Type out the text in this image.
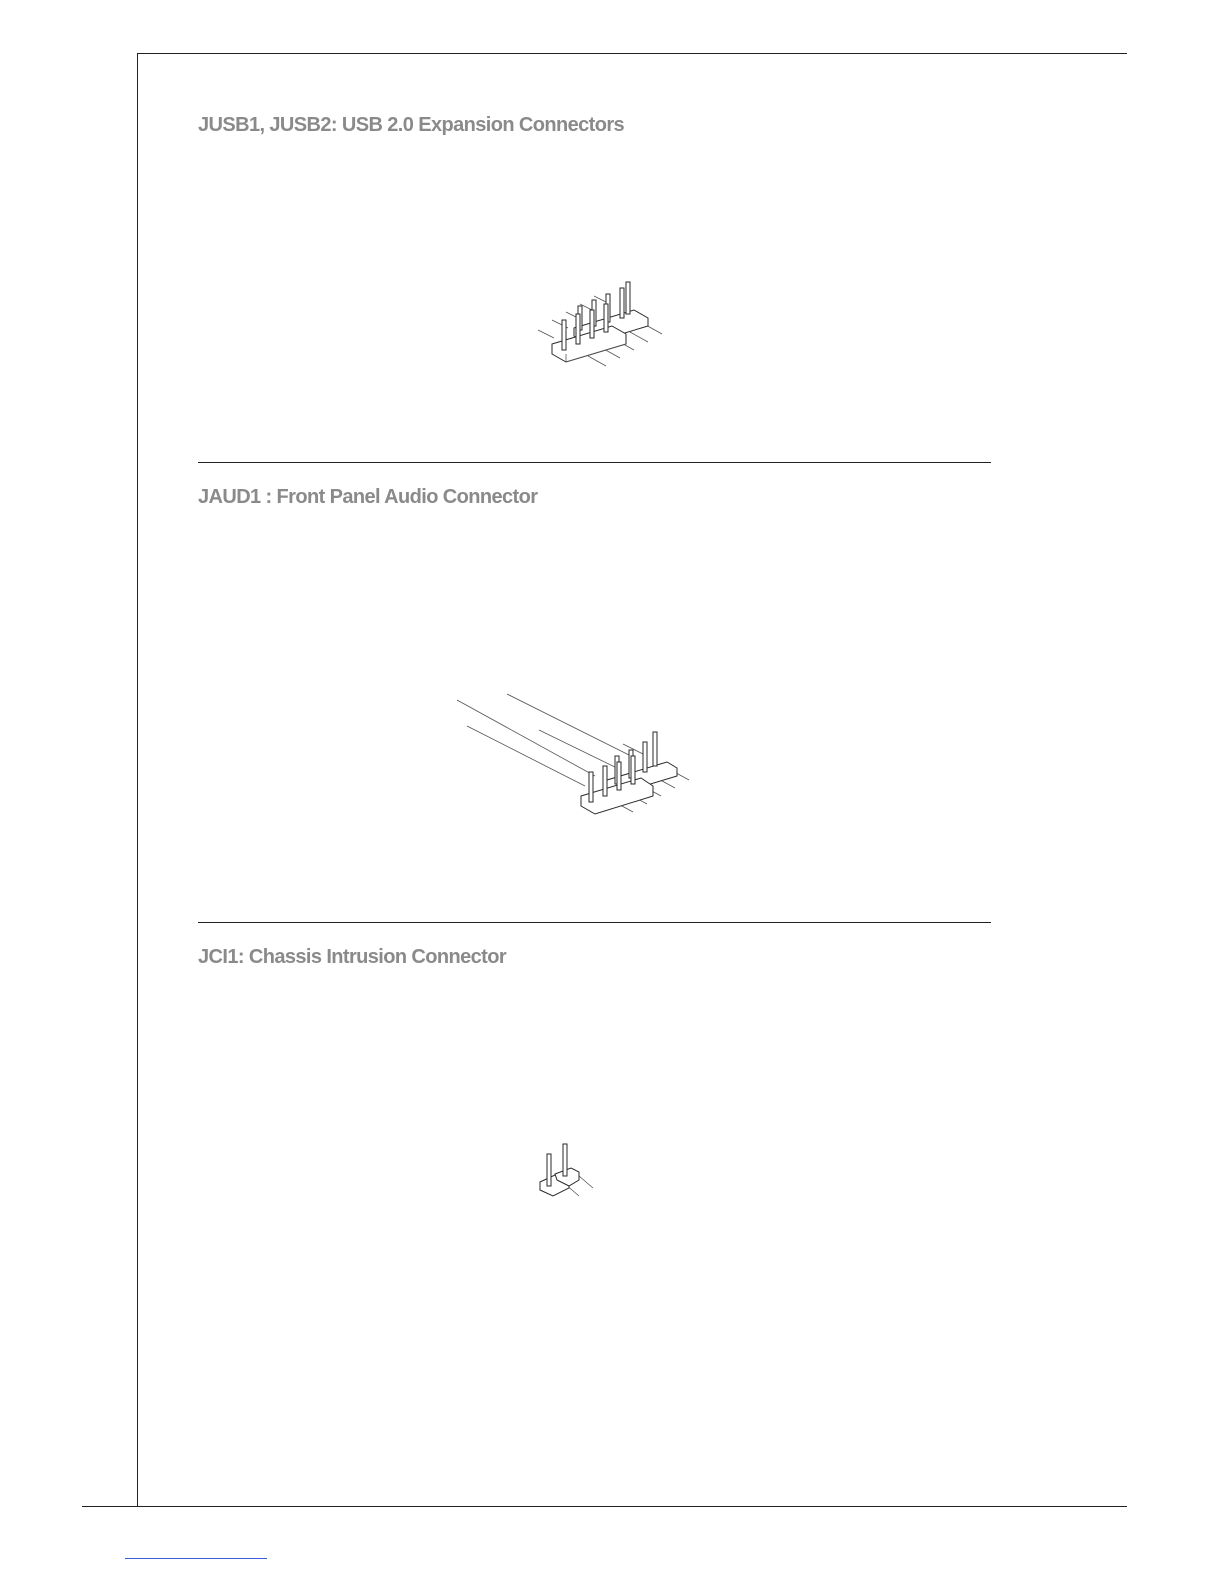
JUSB1, JUSB2: USB 2.0 Expansion Connectors
JAUD1 : Front Panel Audio Connector
JCI1: Chassis Intrusion Connector
